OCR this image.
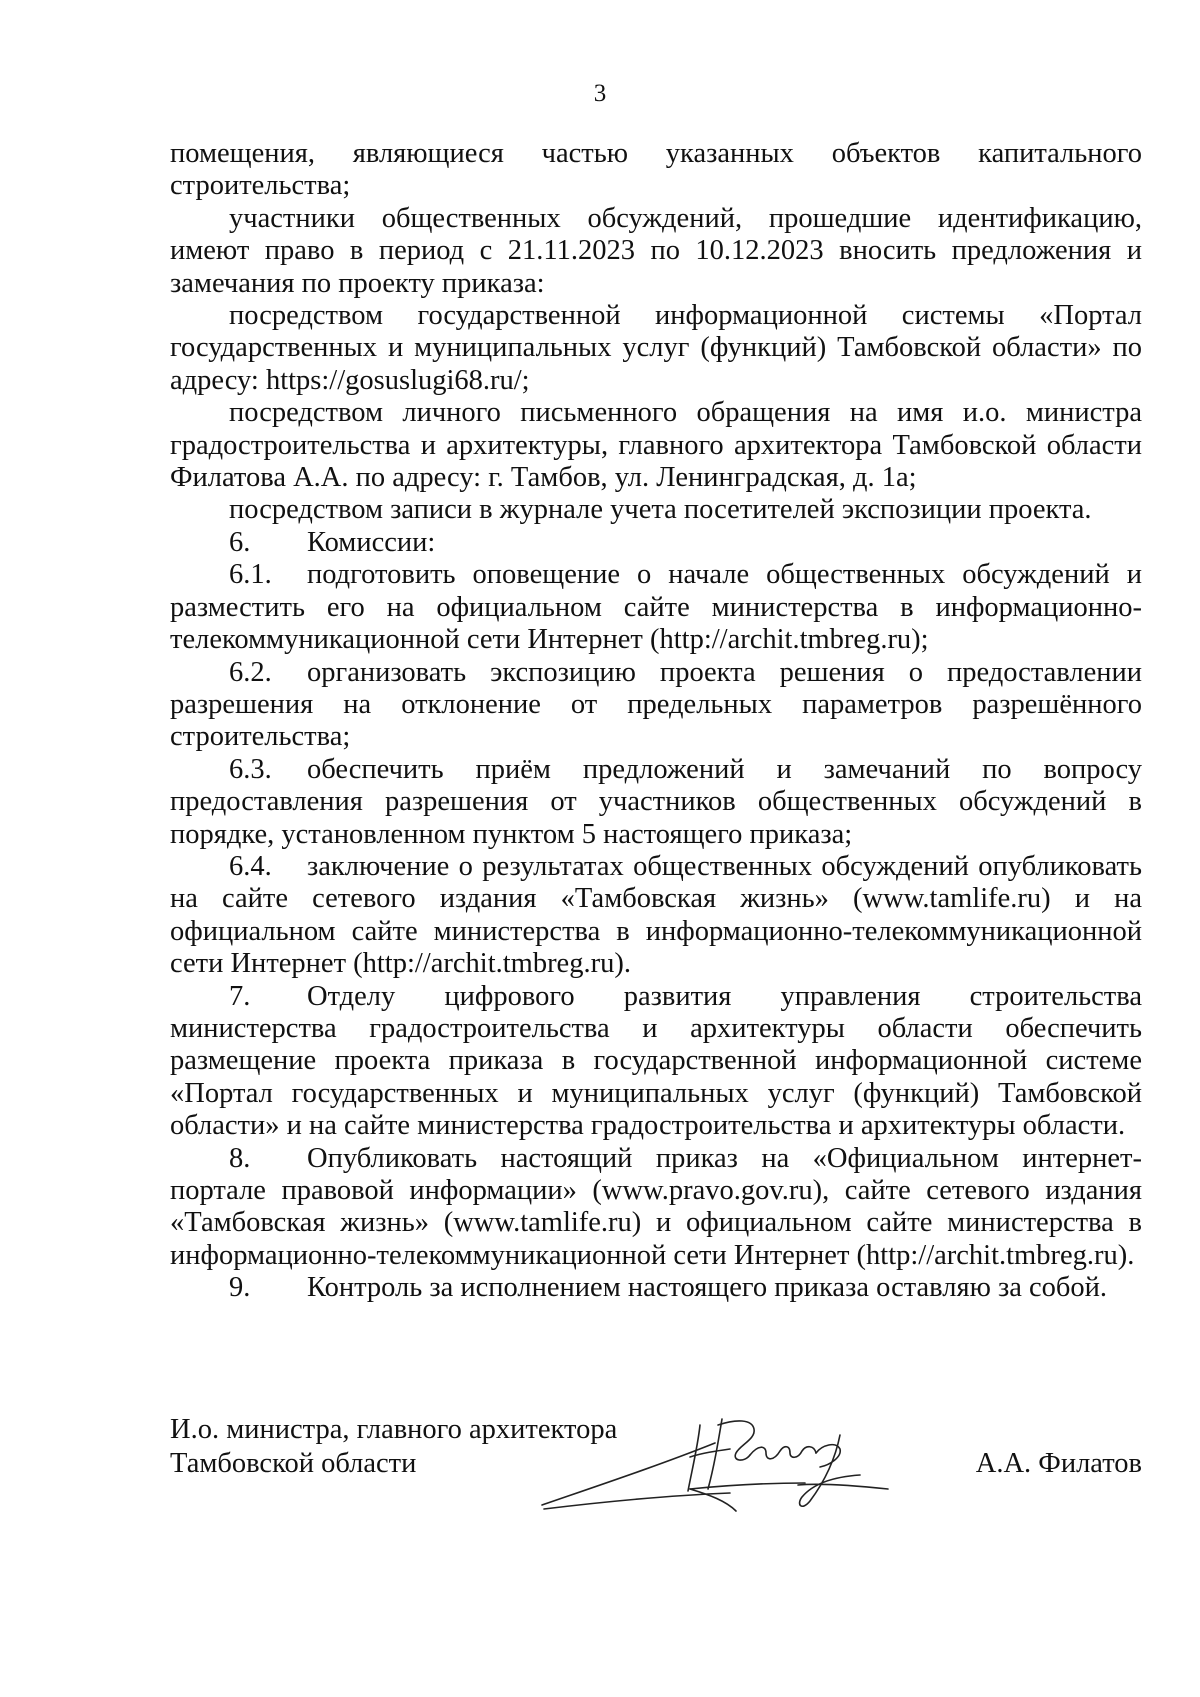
3

помещения, являющиеся частью указанных объектов капитального строительства;

участники общественных обсуждений, прошедшие идентификацию, имеют право в период с 21.11.2023 по 10.12.2023 вносить предложения и замечания по проекту приказа:

посредством государственной информационной системы «Портал государственных и муниципальных услуг (функций) Тамбовской области» по адресу: https://gosuslugi68.ru/;

посредством личного письменного обращения на имя и.о. министра градостроительства и архитектуры, главного архитектора Тамбовской области Филатова А.А. по адресу: г. Тамбов, ул. Ленинградская, д. 1а;

посредством записи в журнале учета посетителей экспозиции проекта.

6. Комиссии:

6.1. подготовить оповещение о начале общественных обсуждений и разместить его на официальном сайте министерства в информационно-телекоммуникационной сети Интернет (http://archit.tmbreg.ru);

6.2. организовать экспозицию проекта решения о предоставлении разрешения на отклонение от предельных параметров разрешённого строительства;

6.3. обеспечить приём предложений и замечаний по вопросу предоставления разрешения от участников общественных обсуждений в порядке, установленном пунктом 5 настоящего приказа;

6.4. заключение о результатах общественных обсуждений опубликовать на сайте сетевого издания «Тамбовская жизнь» (www.tamlife.ru) и на официальном сайте министерства в информационно-телекоммуникационной сети Интернет (http://archit.tmbreg.ru).

7. Отделу цифрового развития управления строительства министерства градостроительства и архитектуры области обеспечить размещение проекта приказа в государственной информационной системе «Портал государственных и муниципальных услуг (функций) Тамбовской области» и на сайте министерства градостроительства и архитектуры области.

8. Опубликовать настоящий приказ на «Официальном интернет-портале правовой информации» (www.pravo.gov.ru), сайте сетевого издания «Тамбовская жизнь» (www.tamlife.ru) и официальном сайте министерства в информационно-телекоммуникационной сети Интернет (http://archit.tmbreg.ru).

9. Контроль за исполнением настоящего приказа оставляю за собой.

И.о. министра, главного архитектора
Тамбовской области	А.А. Филатов
